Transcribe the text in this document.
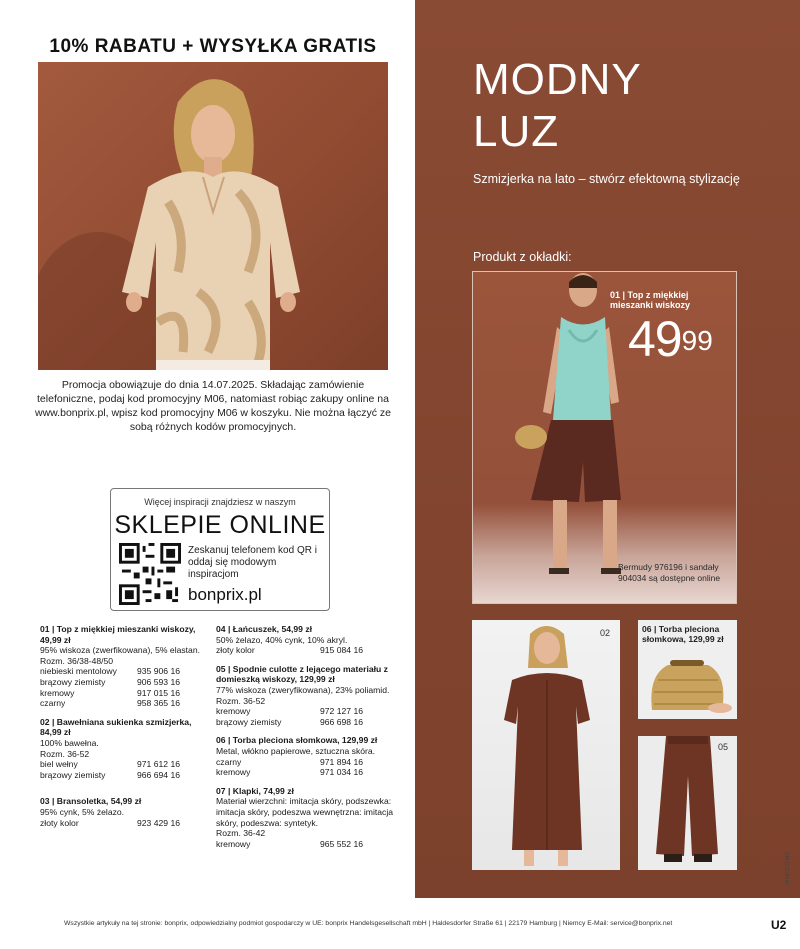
10% RABATU + WYSYŁKA GRATIS
Promocja obowiązuje do dnia 14.07.2025. Składając zamówienie telefoniczne, podaj kod promocyjny M06, natomiast robiąc zakupy online na www.bonprix.pl, wpisz kod promocyjny M06 w koszyku. Nie można łączyć ze sobą różnych kodów promocyjnych.
Więcej inspiracji znajdziesz w naszym
SKLEPIE ONLINE
Zeskanuj telefonem kod QR i oddaj się modowym inspiracjom
bonprix.pl
01 | Top z miękkiej mieszanki wiskozy, 49,99 zł
95% wiskoza (zwerfikowana), 5% elastan.
Rozm. 36/38-48/50
niebieski mentolowy	935 906 16
brązowy ziemisty	906 593 16
kremowy	917 015 16
czarny	958 365 16
02 | Bawełniana sukienka szmizjerka, 84,99 zł
100% bawełna.
Rozm. 36-52
biel wełny	971 612 16
brązowy ziemisty	966 694 16
03 | Bransoletka, 54,99 zł
95% cynk, 5% żelazo.
złoty kolor	923 429 16
04 | Łańcuszek, 54,99 zł
50% żelazo, 40% cynk, 10% akryl.
złoty kolor	915 084 16
05 | Spodnie culotte z lejącego materiału z domieszką wiskozy, 129,99 zł
77% wiskoza (zweryfikowana), 23% poliamid.
Rozm. 36-52
kremowy	972 127 16
brązowy ziemisty	966 698 16
06 | Torba pleciona słomkowa, 129,99 zł
Metal, włókno papierowe, sztuczna skóra.
czarny	971 894 16
kremowy	971 034 16
07 | Klapki, 74,99 zł
Materiał wierzchni: imitacja skóry, podszewka: imitacja skóry, podeszwa wewnętrzna: imitacja skóry, podeszwa: syntetyk.
Rozm. 36-42
kremowy	965 552 16
MODNY
LUZ
Szmizjerka na lato – stwórz efektowną stylizację
Produkt z okładki:
01 | Top z miękkiej mieszanki wiskozy
$49^{99}$
Bermudy 976196 i sandały 904034 są dostępne online
02	06 | Torba pleciona słomkowa, 129,99 zł
05
Wszystkie artykuły na tej stronie: bonprix, odpowiedzialny podmiot gospodarczy w UE: bonprix Handelsgesellschaft mbH | Haldesdorfer Straße 61 | 22179 Hamburg | Niemcy E-Mail: service@bonprix.net	U2
IHME/CD/MO
